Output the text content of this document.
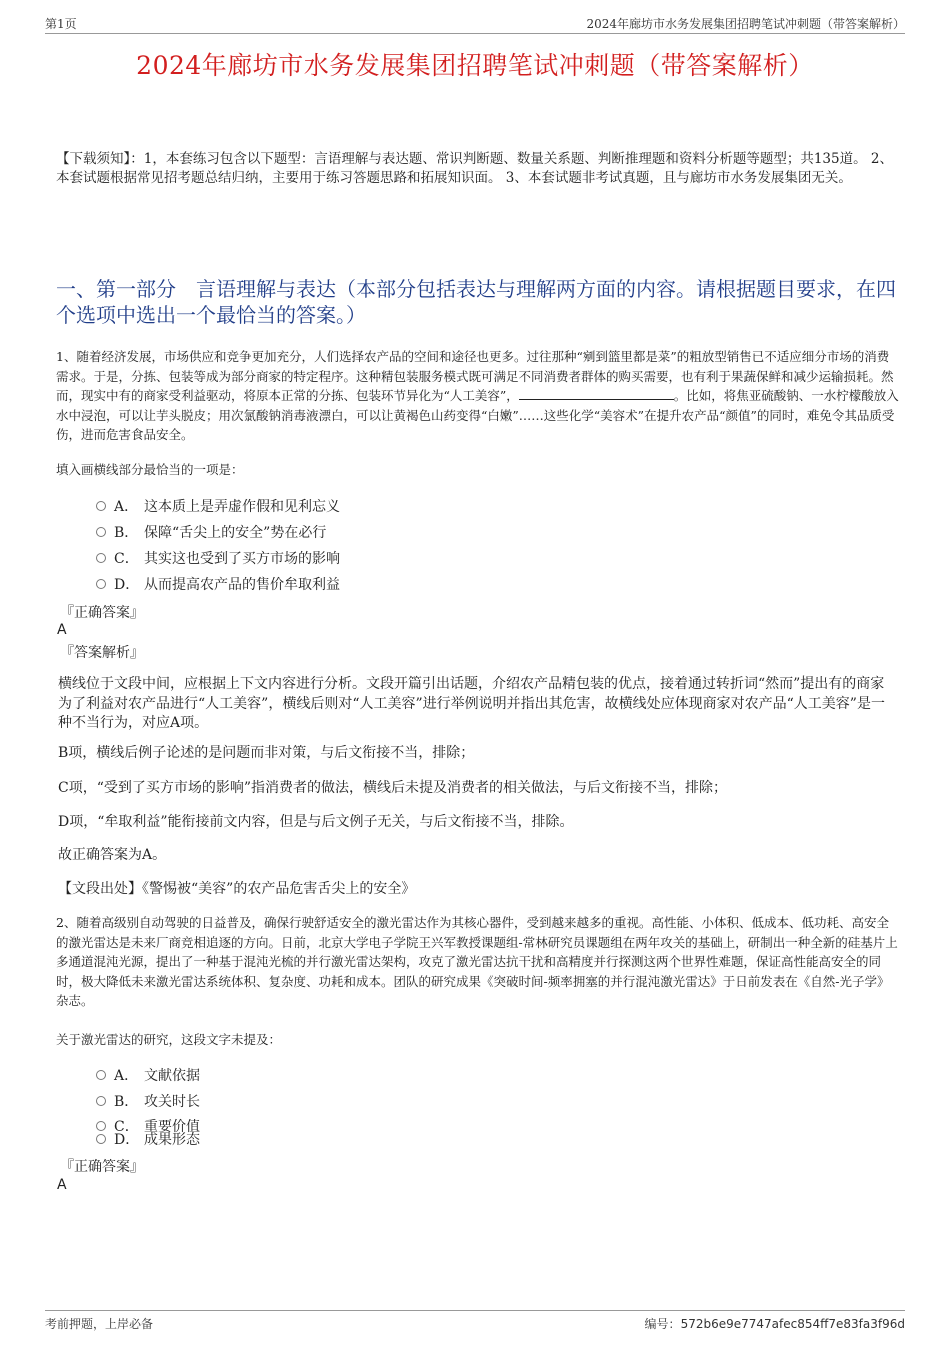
第1页	2024年廊坊市水务发展集团招聘笔试冲刺题（带答案解析）
2024年廊坊市水务发展集团招聘笔试冲刺题（带答案解析）
【下载须知】：1，本套练习包含以下题型：言语理解与表达题、常识判断题、数量关系题、判断推理题和资料分析题等题型；共135道。 2、本套试题根据常见招考题总结归纳，主要用于练习答题思路和拓展知识面。 3、本套试题非考试真题，且与廊坊市水务发展集团无关。
一、第一部分　言语理解与表达（本部分包括表达与理解两方面的内容。请根据题目要求，在四个选项中选出一个最恰当的答案。）

1、随着经济发展，市场供应和竞争更加充分，人们选择农产品的空间和途径也更多。过往那种“剜到篮里都是菜”的粗放型销售已不适应细分市场的消费需求。于是，分拣、包装等成为部分商家的特定程序。这种精包装服务模式既可满足不同消费者群体的购买需要，也有利于果蔬保鲜和减少运输损耗。然而，现实中有的商家受利益驱动，将原本正常的分拣、包装环节异化为“人工美容”，	。比如，将焦亚硫酸钠、一水柠檬酸放入水中浸泡，可以让芋头脱皮；用次氯酸钠消毒液漂白，可以让黄褐色山药变得“白嫩”……这些化学“美容术”在提升农产品“颜值”的同时，难免令其品质受伤，进而危害食品安全。

填入画横线部分最恰当的一项是：

A． 这本质上是弄虚作假和见利忘义
B． 保障“舌尖上的安全”势在必行
C． 其实这也受到了买方市场的影响
D． 从而提高农产品的售价牟取利益
『正确答案』
A
『答案解析』

横线位于文段中间，应根据上下文内容进行分析。文段开篇引出话题，介绍农产品精包装的优点，接着通过转折词“然而”提出有的商家为了利益对农产品进行“人工美容”，横线后则对“人工美容”进行举例说明并指出其危害，故横线处应体现商家对农产品“人工美容”是一种不当行为，对应A项。

B项，横线后例子论述的是问题而非对策，与后文衔接不当，排除；

C项，“受到了买方市场的影响”指消费者的做法，横线后未提及消费者的相关做法，与后文衔接不当，排除；

D项，“牟取利益”能衔接前文内容，但是与后文例子无关，与后文衔接不当，排除。

故正确答案为A。

【文段出处】《警惕被“美容”的农产品危害舌尖上的安全》

2、随着高级别自动驾驶的日益普及，确保行驶舒适安全的激光雷达作为其核心器件，受到越来越多的重视。高性能、小体积、低成本、低功耗、高安全的激光雷达是未来厂商竞相追逐的方向。日前，北京大学电子学院王兴军教授课题组-常林研究员课题组在两年攻关的基础上，研制出一种全新的硅基片上多通道混沌光源，提出了一种基于混沌光梳的并行激光雷达架构，攻克了激光雷达抗干扰和高精度并行探测这两个世界性难题，保证高性能高安全的同时，极大降低未来激光雷达系统体积、复杂度、功耗和成本。团队的研究成果《突破时间-频率拥塞的并行混沌激光雷达》于日前发表在《自然-光子学》杂志。

关于激光雷达的研究，这段文字未提及：

A． 文献依据
B． 攻关时长
C． 重要价值
D． 成果形态
『正确答案』
A
考前押题，上岸必备	编号：572b6e9e7747afec854ff7e83fa3f96d
